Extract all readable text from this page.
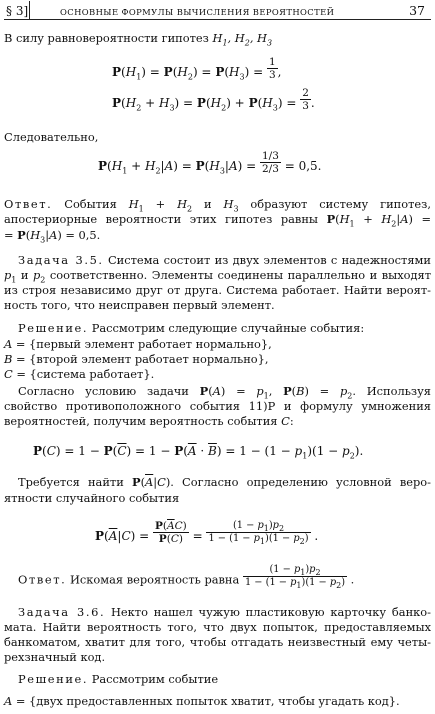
§ 3]	ОСНОВНЫЕ ФОРМУЛЫ ВЫЧИСЛЕНИЯ ВЕРОЯТНОСТЕЙ	37
В силу равновероятности гипотез $H_1$, $H_2$, $H_3$
$P(H_1) = P(H_2) = P(H_3) = \frac{1}{3}$ ,
$P(H_2 + H_3) = P(H_2) + P(H_3) = \frac{2}{3}$ .
Следовательно,
$P(H_1 + H_2|A) = P(H_3|A) = \frac{1/3}{2/3} = 0,5$.
Ответ. События $H_1 + H_2$ и $H_3$ образуют систему гипотез,
апостериорные вероятности этих гипотез равны $P(H_1 + H_2|A)$ =
= $P(H_3|A) = 0,5$.
Задача 3.5. Система состоит из двух элементов с надежностями
$p_1$ и $p_2$ соответственно. Элементы соединены параллельно и выходят
из строя независимо друг от друга. Система работает. Найти вероят-
ность того, что неисправен первый элемент.
Решение. Рассмотрим следующие случайные события:
A = {первый элемент работает нормально},
B = {второй элемент работает нормально},
C = {система работает}.
Согласно условию задачи $P(A) = p_1$, $P(B) = p_2$. Используя
свойство противоположного события 11)P и формулу умножения
вероятностей, получим вероятность события C:
$P(C) = 1 - P(\overline{C}) = 1 - P(\overline{A} \cdot \overline{B}) = 1 - (1 - p_1)(1 - p_2)$.
Требуется найти $P(\overline{A}|C)$. Согласно определению условной веро-
ятности случайного события
$P(\overline{A}|C) = \frac{P(\overline{A}C)}{P(C)} = \frac{(1 - p_1)p_2}{1 - (1 - p_1)(1 - p_2)}$ .
Ответ. Искомая вероятность равна $\frac{(1 - p_1)p_2}{1 - (1 - p_1)(1 - p_2)}$ .
Задача 3.6. Некто нашел чужую пластиковую карточку банко-
мата. Найти вероятность того, что двух попыток, предоставляемых
банкоматом, хватит для того, чтобы отгадать неизвестный ему четы-
рехзначный код.
Решение. Рассмотрим событие
A = {двух предоставленных попыток хватит, чтобы угадать код}.
